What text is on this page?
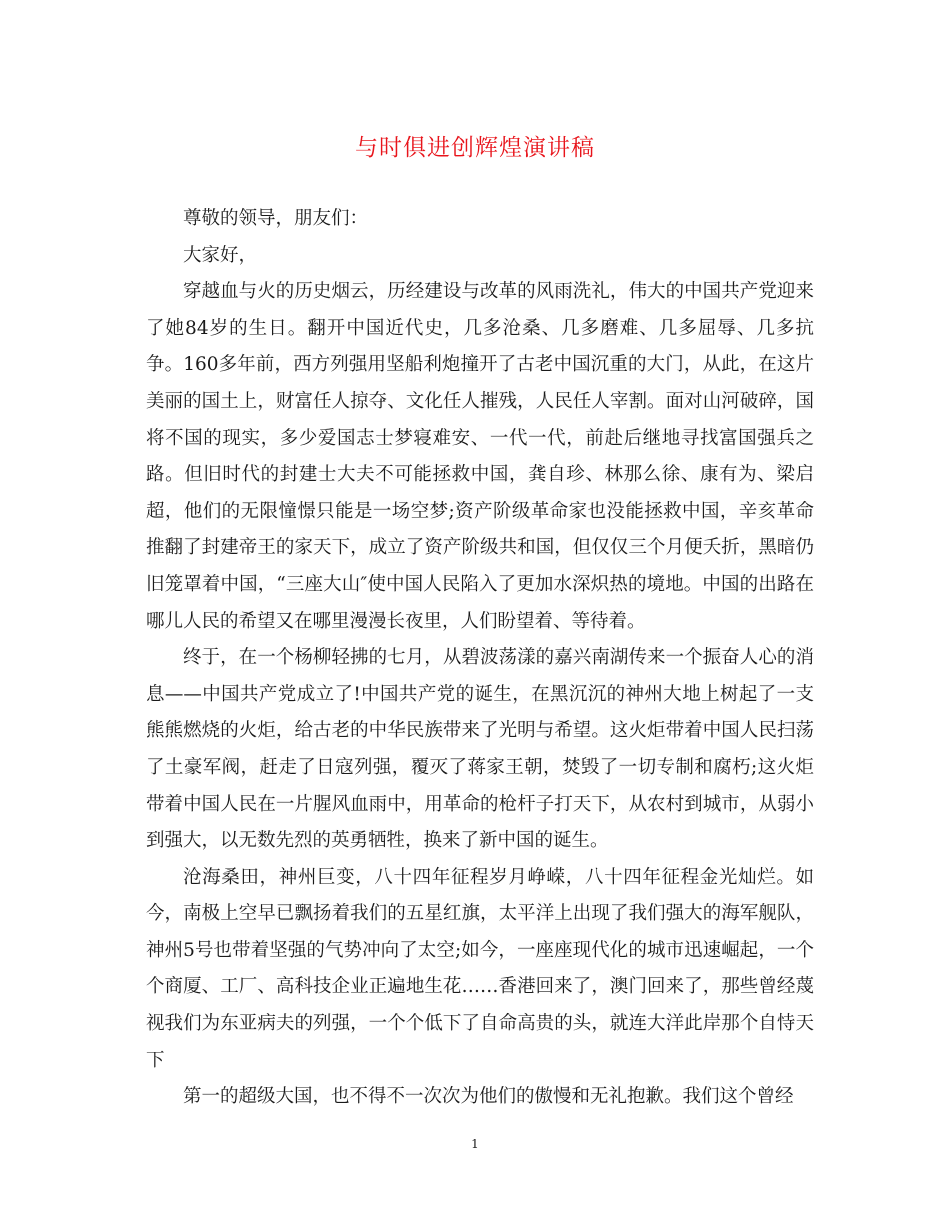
与时俱进创辉煌演讲稿

尊敬的领导，朋友们：

大家好，

穿越血与火的历史烟云，历经建设与改革的风雨洗礼，伟大的中国共产党迎来了她84岁的生日。翻开中国近代史，几多沧桑、几多磨难、几多屈辱、几多抗争。160多年前，西方列强用坚船利炮撞开了古老中国沉重的大门，从此，在这片美丽的国土上，财富任人掠夺、文化任人摧残，人民任人宰割。面对山河破碎，国将不国的现实，多少爱国志士梦寝难安、一代一代，前赴后继地寻找富国强兵之路。但旧时代的封建士大夫不可能拯救中国，龚自珍、林那么徐、康有为、梁启超，他们的无限憧憬只能是一场空梦;资产阶级革命家也没能拯救中国，辛亥革命推翻了封建帝王的家天下，成立了资产阶级共和国，但仅仅三个月便夭折，黑暗仍旧笼罩着中国，“三座大山″使中国人民陷入了更加水深炽热的境地。中国的出路在哪儿人民的希望又在哪里漫漫长夜里，人们盼望着、等待着。

终于，在一个杨柳轻拂的七月，从碧波荡漾的嘉兴南湖传来一个振奋人心的消息——中国共产党成立了!中国共产党的诞生，在黑沉沉的神州大地上树起了一支熊熊燃烧的火炬，给古老的中华民族带来了光明与希望。这火炬带着中国人民扫荡了土豪军阀，赶走了日寇列强，覆灭了蒋家王朝，焚毁了一切专制和腐朽;这火炬带着中国人民在一片腥风血雨中，用革命的枪杆子打天下，从农村到城市，从弱小到强大，以无数先烈的英勇牺牲，换来了新中国的诞生。

沧海桑田，神州巨变，八十四年征程岁月峥嵘，八十四年征程金光灿烂。如今，南极上空早已飘扬着我们的五星红旗，太平洋上出现了我们强大的海军舰队，神州5号也带着坚强的气势冲向了太空;如今，一座座现代化的城市迅速崛起，一个个商厦、工厂、高科技企业正遍地生花……香港回来了，澳门回来了，那些曾经蔑视我们为东亚病夫的列强，一个个低下了自命高贵的头，就连大洋此岸那个自恃天下

第一的超级大国，也不得不一次次为他们的傲慢和无礼抱歉。我们这个曾经

1
